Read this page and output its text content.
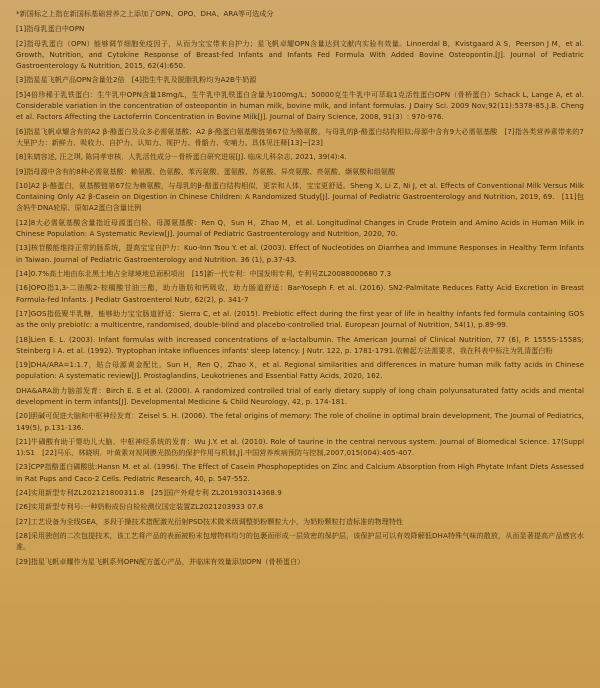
*新国标之上指在新国标基础营养之上添加了OPN、OPO、DHA、ARA等可选成分
[1]指母乳蛋白中OPN
[2]指母乳蛋白（OPN）能够调节细胞免疫因子，从而为宝宝带来自护力；星飞帆卓耀OPN含量达到文献内实验有效量。Linnerdal B，Kvistgaard A S，Peerson J M，et al. Growth, Nutrition, and Cytokine Response of Breast-fed Infants and Infants Fed Formula With Added Bovine Osteopontin.[J]. Journal of Pediatric Gastroenterology & Nutrition, 2015, 62(4):650.
[3]指星星飞帆产品OPN含量处2倍　[4]指生牛乳及脱脂乳粉均为A2B牛奶源
[5]4倍珍稀于乳铁蛋白：生牛乳中OPN含量18mg/L，生牛乳中乳铁蛋白含量为100mg/L；50000克生牛乳中可萃取1克活性蛋白OPN（骨桥蛋白）Schack L, Lange A, et al. Considerable variation in the concentration of osteopontin in human milk, bovine milk, and infant formulas. J Dairy Sci. 2009 Nov;92(11):5378-85.J.B. Cheng et al. Factors Affecting the Lactoferrin Concentration in Bovine Milk[J]. Journal of Dairy Science, 2008, 91(3）: 970-976.
[6]指星飞帆卓耀含有的A2 β-酪蛋白及众多必需氨基酸；A2 β-酪蛋白氨基酸链第67位为酪氨酸，与母乳的β-酪蛋白结构相似;母源中含有9大必需氨基酸　[7]指各类营养素带来的7大里护力：新鲜力、吸收力、自护力、认知力、视护力、骨骼力、安哺力。具体见注释[13]~[23]
[8]朱婧容述, 汪之琪, 陈同孝审核．人乳活性成分－骨桥蛋白研究进展[J]. 临床儿科杂志, 2021, 39(4):4.
[9]指母源中含有的8种必需氨基酸：赖氨酸、色氨酸、苯丙氨酸、蛋氨酸、苏氨酸、异亮氨酸、亮氨酸、缬氨酸和组氨酸
[10]A2 β-酪蛋白，氨基酸链第67位为赖氨酸，与母乳的β-酪蛋白结构相似，更亲和人体，宝宝更舒适。Sheng X, Li Z, Ni J, et al. Effects of Conventional Milk Versus Milk Containing Only A2 β-Casein on Digestion in Chinese Children: A Randomized Study[J]. Journal of Pediatric Gastroenterology and Nutrition, 2019, 69.　[11]包含妈牛DNA轮原、原如A2蛋白含量比例
[12]8大必需氨基酸含量指近母源蛋白检。母源氨基酸：Ren Q，Sun H，Zhao M，et al. Longitudinal Changes in Crude Protein and Amino Acids in Human Milk in Chinese Population: A Systematic Review[J]. Journal of Pediatric Gastroenterology and Nutrition, 2020, 70.
[13]核苷酸能维持正常的肠系统，提高宝宝自护力：Kuo-Inn Tsou Y. et al. (2003). Effect of Nucleotides on Diarrhea and Immune Responses in Healthy Term Infants in Taiwan. Journal of Pediatric Gastroenterology and Nutrition. 36 (1), p.37-43.
[14]0.7%高土地由东北黑土地占全球境地总面积项出　[15]新一代专利：中国发明专利, 专利号ZL20088000680 7.3
[16]OPO指1,3-二油酸2-棕榈酸甘油三酯，助力脂肪和钙吸收，助力肠道舒适：Bar-Yoseph F. et al. (2016). SN2-Palmitate Reduces Fatty Acid Excretion in Breast Formula-fed Infants. J Pediatr Gastroenterol Nutr, 62(2), p. 341-7
[17]GOS指低聚半乳糖，能够助力宝宝肠道舒适：Sierra C, et al. (2015). Prebiotic effect during the first year of life in healthy infants fed formula containing GOS as the only prebiotic: a multicentre, randomised, double-blind and placebo-controlled trial. European Journal of Nutrition, 54(1), p.89-99.
[18]Lien E. L. (2003). Infant formulas with increased concentrations of α-lactalbumin. The American Journal of Clinical Nutrition, 77 (6), P. 1555S-1558S; Steinberg I A. et al. (1992). Tryptophan intake influences infants' sleep latency. J Nutr. 122, p. 1781-1791.依赖起方法需要求，我在科表中标注为乳清蛋白粉
[19]DHA/ARA=1:1.7，贴合母源黄金配比。Sun H，Ren Q，Zhao X，et al. Regional similarities and differences in mature human milk fatty acids in Chinese population: A systematic review[J]. Prostaglandins, Leukotrienes and Essential Fatty Acids, 2020, 162.
DHA&ARA助力脑部发育：Birch E. E et al. (2000). A randomized controlled trial of early dietary supply of long chain polyunsaturated fatty acids and mental development in term infants[J]. Developmental Medicine & Child Neurology, 42, p. 174-181.
[20]胆碱可促进大脑和中枢神经发育：Zeisel S. H. (2006). The fetal origins of memory: The role of choline in optimal brain development, The Journal of Pediatrics, 149(5), p.131-136.
[21]牛磺酸有助于婴幼儿大脑、中枢神经系统的发育：Wu J.Y. et al. (2010). Role of taurine in the central nervous system. Journal of Biomedical Science. 17(Suppl 1):S1　[22]马乐、林晓明．叶黄素对视网膜光损伤的保护作用与机制,J].中国营养疾病预防与控制,2007,015(004):405-407.
[23]CPP指酪蛋白磷酸肽:Hansn M. et al. (1996). The Effect of Casein Phosphopeptides on Zinc and Calcium Absorption from High Phytate Infant Diets Assessed in Rat Pups and Caco-2 Cells. Pediatric Research, 40, p. 547-552.
[24]实用新型专利ZL202121800311.8　[25]国产外观专利 ZL201930314368.9
[26]实用新型专利号:一种奶粉成份自检检测仪国定装置ZL2021203933 07.8
[27]工艺设备为全线GEA，多段于操技术措配激光衍射PSD技术微米级调整奶粉颗粒大小，为奶粉颗粒打造标准的物理特性
[28]采用独创的二次包提技术，该工艺将产品的表面被粉末包增物料均匀的包裹而形成一层致密的保护层，该保护层可以有效降解低DHA特殊气味的散放，从而显著提高产品感官水准。
[29]指星飞帆卓耀作为星飞帆系列OPN配方蛋心产品，并临床有效量添加OPN（骨桥蛋白）
